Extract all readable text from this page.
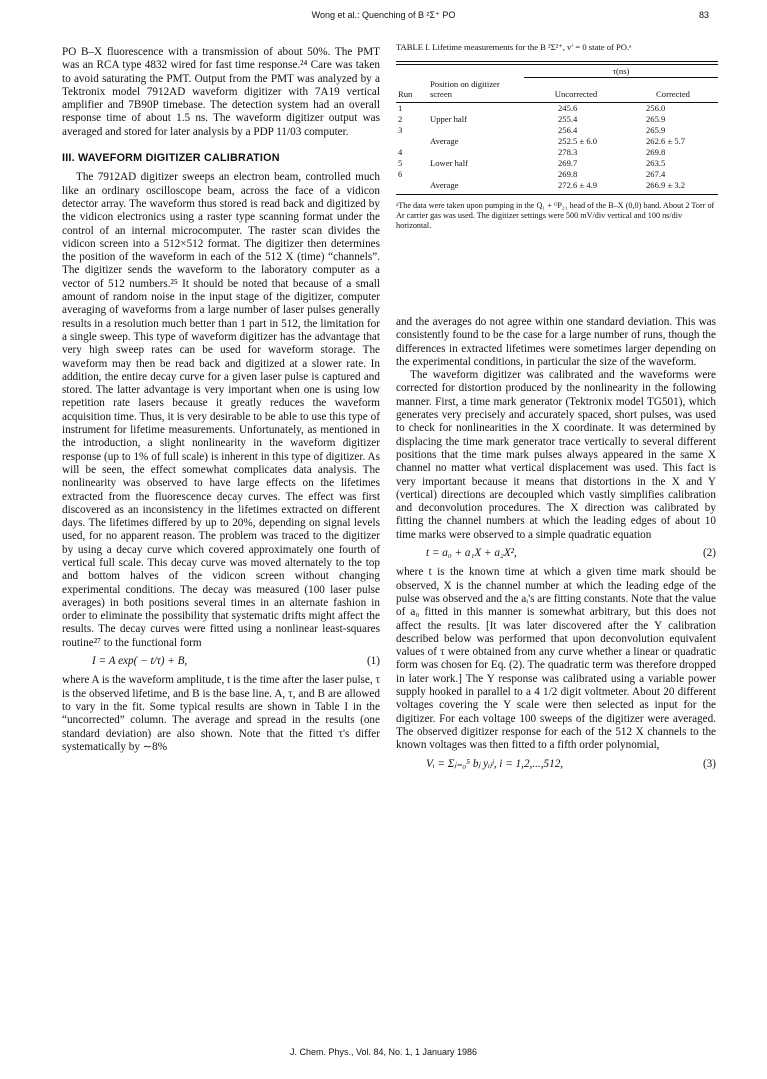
Wong et al.: Quenching of B ²Σ⁺ PO	83

PO B–X fluorescence with a transmission of about 50%. The PMT was an RCA type 4832 wired for fast time response.²⁴ Care was taken to avoid saturating the PMT. Output from the PMT was analyzed by a Tektronix model 7912AD waveform digitizer with 7A19 vertical amplifier and 7B90P timebase. The detection system had an overall response time of about 1.5 ns. The waveform digitizer output was averaged and stored for later analysis by a PDP 11/03 computer.

III. WAVEFORM DIGITIZER CALIBRATION

The 7912AD digitizer sweeps an electron beam, controlled much like an ordinary oscilloscope beam, across the face of a vidicon detector array. The waveform thus stored is read back and digitized by the vidicon electronics using a raster type scanning format under the control of an internal microcomputer. The raster scan divides the vidicon screen into a 512×512 format. The digitizer then determines the position of the waveform in each of the 512 X (time) “channels”. The digitizer sends the waveform to the laboratory computer as a vector of 512 numbers.²⁵ It should be noted that because of a small amount of random noise in the input stage of the digitizer, computer averaging of waveforms from a large number of laser pulses generally results in a resolution much better than 1 part in 512, the limitation for a single sweep. This type of waveform digitizer has the advantage that very high sweep rates can be used for waveform storage. The waveform may then be read back and digitized at a slower rate. In addition, the entire decay curve for a given laser pulse is captured and stored. The latter advantage is very important when one is using low repetition rate lasers because it greatly reduces the waveform acquisition time. Thus, it is very desirable to be able to use this type of instrument for lifetime measurements. Unfortunately, as mentioned in the introduction, a slight nonlinearity in the waveform digitizer response (up to 1% of full scale) is inherent in this type of digitizer. As will be seen, the effect somewhat complicates data analysis. The nonlinearity was observed to have large effects on the lifetimes extracted from the fluorescence decay curves. The effect was first discovered as an inconsistency in the lifetimes extracted on different days. The lifetimes differed by up to 20%, depending on signal levels used, for no apparent reason. The problem was traced to the digitizer by using a decay curve which covered approximately one fourth of vertical full scale. This decay curve was moved alternately to the top and bottom halves of the vidicon screen without changing experimental conditions. The decay was measured (100 laser pulse averages) in both positions several times in an alternate fashion in order to eliminate the possibility that systematic drifts might affect the results. The decay curves were fitted using a nonlinear least-squares routine²⁷ to the functional form

I = A exp( − t/τ) + B,	(1)

where A is the waveform amplitude, t is the time after the laser pulse, τ is the observed lifetime, and B is the base line. A, τ, and B are allowed to vary in the fit. Some typical results are shown in Table I in the “uncorrected” column. The average and spread in the results (one standard deviation) are also shown. Note that the fitted τ's differ systematically by ∼8%

TABLE I. Lifetime measurements for the B ²Σ²⁺, v′ = 0 state of PO.ᵃ

		τ(ns)	
Run	Position on digitizer screen	Uncorrected	Corrected
1		245.6	256.0
2	Upper half	255.4	265.9
3		256.4	265.9
	Average	252.5 ± 6.0	262.6 ± 5.7
4		278.3	269.8
5	Lower half	269.7	263.5
6		269.8	267.4
	Average	272.6 ± 4.9	266.9 ± 3.2
ᵃThe data were taken upon pumping in the Q₁ + ᴼP₂₁ head of the B–X (0,0) band. About 2 Torr of Ar carrier gas was used. The digitizer settings were 500 mV/div vertical and 100 ns/div horizontal.

and the averages do not agree within one standard deviation. This was consistently found to be the case for a large number of runs, though the differences in extracted lifetimes were sometimes larger depending on the experimental conditions, in particular the size of the waveform.

The waveform digitizer was calibrated and the waveforms were corrected for distortion produced by the nonlinearity in the following manner. First, a time mark generator (Tektronix model TG501), which generates very precisely and accurately spaced, short pulses, was used to check for nonlinearities in the X coordinate. It was determined by displacing the time mark generator trace vertically to several different positions that the time mark pulses always appeared in the same X channel no matter what vertical displacement was used. This fact is very important because it means that distortions in the X and Y (vertical) directions are decoupled which vastly simplifies calibration and deconvolution procedures. The X direction was calibrated by fitting the channel numbers at which the leading edges of about 10 time marks were observed to a simple quadratic equation

t = a₀ + a₁X + a₂X²,	(2)

where t is the known time at which a given time mark should be observed, X is the channel number at which the leading edge of the pulse was observed and the aᵢ's are fitting constants. Note that the value of a₀ fitted in this manner is somewhat arbitrary, but this does not affect the results. [It was later discovered after the Y calibration described below was performed that upon deconvolution equivalent values of τ were obtained from any curve whether a linear or quadratic form was chosen for Eq. (2). The quadratic term was therefore dropped in later work.] The Y response was calibrated using a variable power supply hooked in parallel to a 4 1/2 digit voltmeter. About 20 different voltages covering the Y scale were then selected as input for the digitizer. For each voltage 100 sweeps of the digitizer were averaged. The observed digitizer response for each of the 512 X channels to the known voltages was then fitted to a fifth order polynomial,

Vᵢ = Σⱼ₌₀⁵ bⱼ yᵢⱼʲ, i = 1,2,...,512,	(3)
J. Chem. Phys., Vol. 84, No. 1, 1 January 1986
